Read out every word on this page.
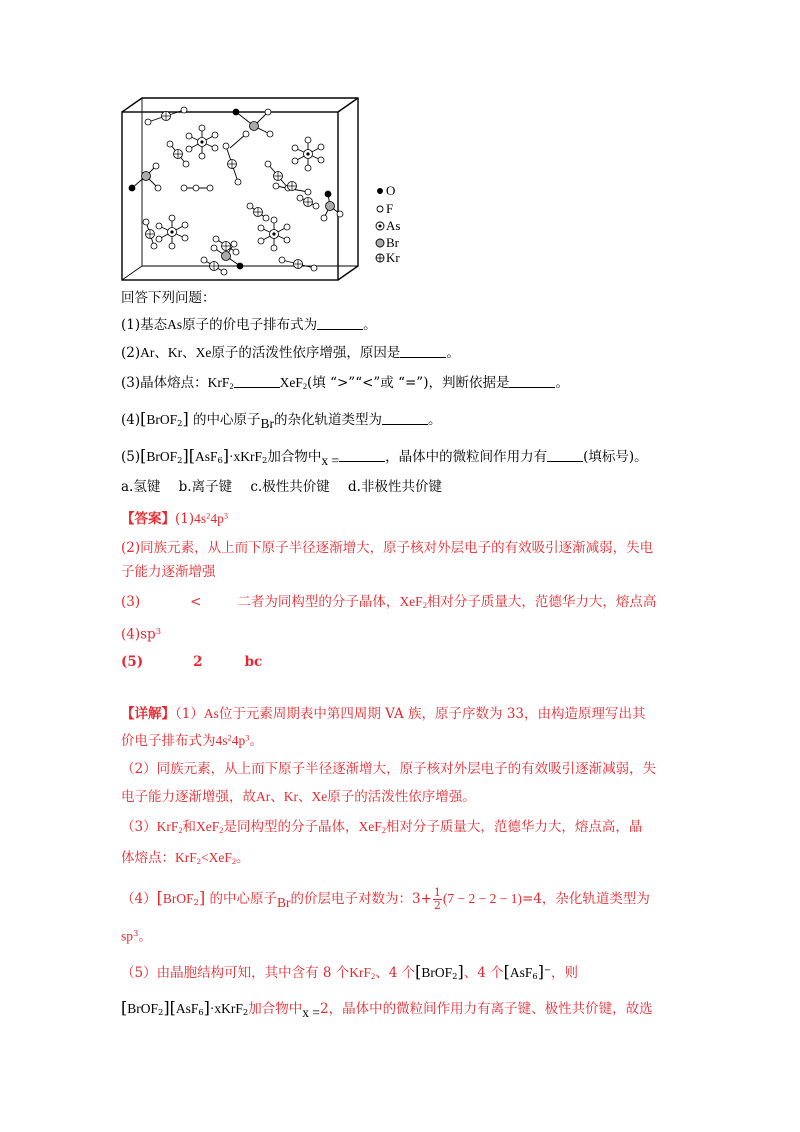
O
F
As
Br
Kr
回答下列问题：
(1)基态As原子的价电子排布式为	。
(2)Ar、Kr、Xe原子的活泼性依序增强，原因是	。
(3)晶体熔点：KrF$_2$	XeF$_2$(填 “>”“<”或 “=”)，判断依据是	。
(4)[BrOF$_2$] 的中心原子Br的杂化轨道类型为	。
(5)[BrOF$_2$][AsF$_6$]·xKrF$_2$加合物中x =	，晶体中的微粒间作用力有	(填标号)。
a.氢键 b.离子键 c.极性共价键 d.非极性共价键
【答案】$(1)4s^24p^3$
(2)同族元素，从上而下原子半径逐渐增大，原子核对外层电子的有效吸引逐渐减弱，失电
子能力逐渐增强
(3)	<	二者为同构型的分子晶体，XeF$_2$相对分子质量大，范德华力大，熔点高
$(4)sp^3$
(5)	2	bc
【详解】（1）As位于元素周期表中第四周期 VA 族，原子序数为 33，由构造原理写出其
价电子排布式为$4s^24p^3$。
（2）同族元素，从上而下原子半径逐渐增大，原子核对外层电子的有效吸引逐渐减弱，失
电子能力逐渐增强，故Ar、Kr、Xe原子的活泼性依序增强。
（3）KrF$_2$和XeF$_2$是同构型的分子晶体，XeF$_2$相对分子质量大，范德华力大，熔点高，晶
体熔点：KrF$_2$<XeF$_2$。
（4）[BrOF$_2$] 的中心原子Br的价层电子对数为：$3+ \frac{1}{2} (7 - 2 - 2 - 1)=4$，杂化轨道类型为
$sp^3$。
（5）由晶胞结构可知，其中含有 8 个KrF$_2$、4 个[BrOF$_2$]、4 个[AsF$_6$]−，则
[BrOF$_2$][AsF$_6$]·xKrF$_2$加合物中x =2，晶体中的微粒间作用力有离子键、极性共价键，故选
